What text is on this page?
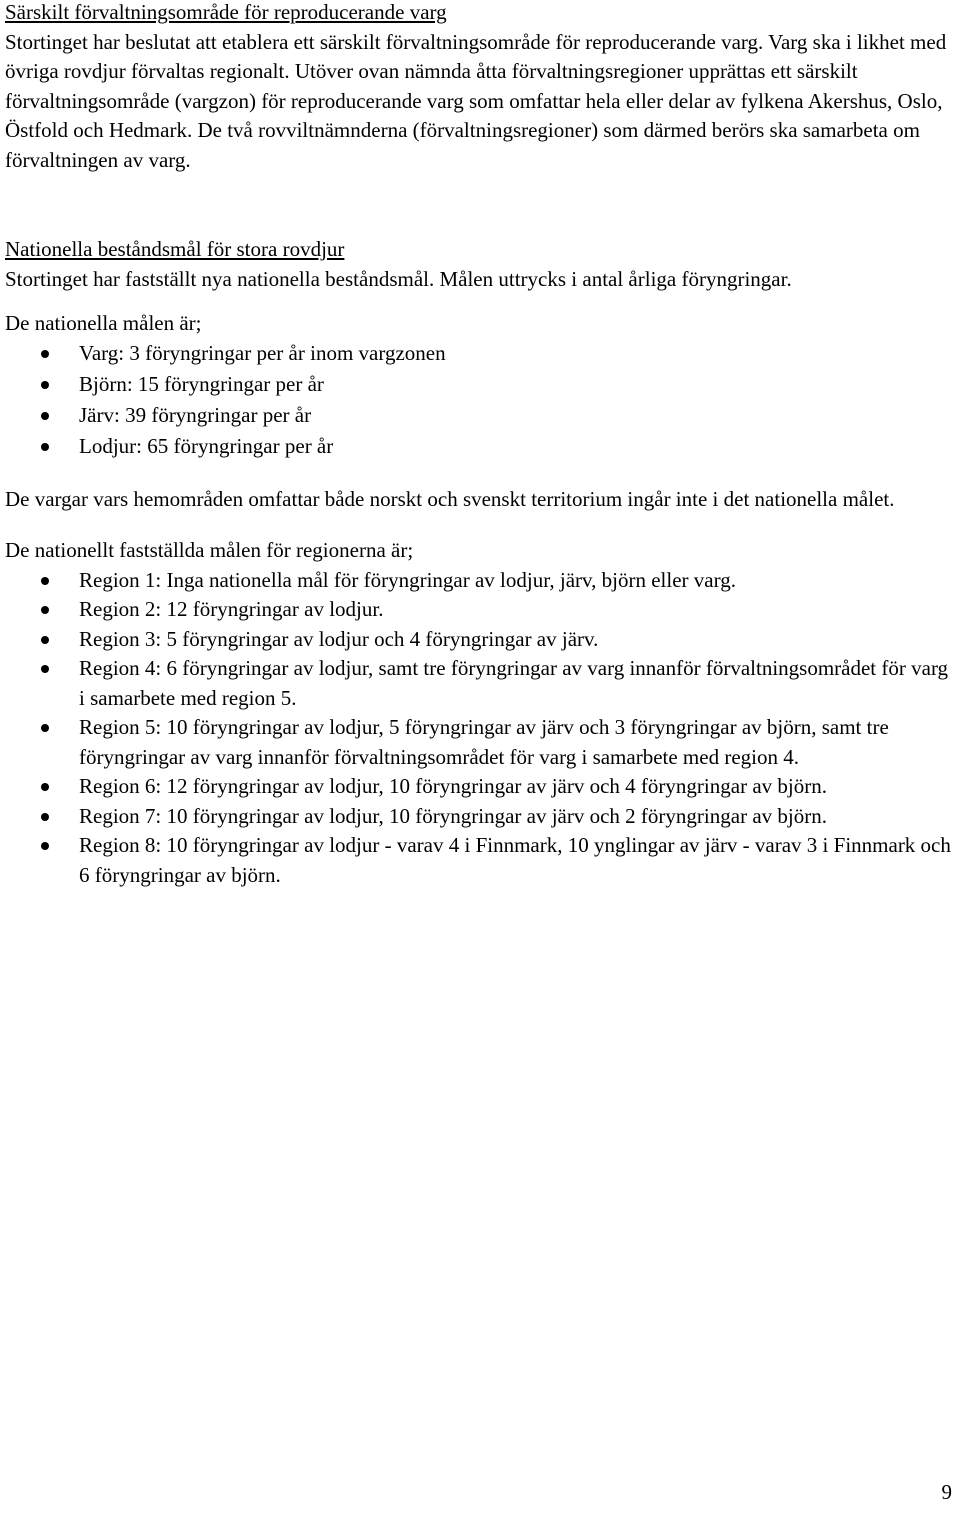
Särskilt förvaltningsområde för reproducerande varg

Stortinget har beslutat att etablera ett särskilt förvaltningsområde för reproducerande varg. Varg ska i likhet med övriga rovdjur förvaltas regionalt. Utöver ovan nämnda åtta förvaltningsregioner upprättas ett särskilt förvaltningsområde (vargzon) för reproducerande varg som omfattar hela eller delar av fylkena Akershus, Oslo, Östfold och Hedmark. De två rovviltnämnderna (förvaltningsregioner) som därmed berörs ska samarbeta om förvaltningen av varg.

Nationella beståndsmål för stora rovdjur

Stortinget har fastställt nya nationella beståndsmål. Målen uttrycks i antal årliga föryngringar.

De nationella målen är;

Varg: 3 föryngringar per år inom vargzonen
Björn: 15 föryngringar per år
Järv: 39 föryngringar per år
Lodjur: 65 föryngringar per år

De vargar vars hemområden omfattar både norskt och svenskt territorium ingår inte i det nationella målet.

De nationellt fastställda målen för regionerna är;

Region 1: Inga nationella mål för föryngringar av lodjur, järv, björn eller varg.
Region 2: 12 föryngringar av lodjur.
Region 3: 5 föryngringar av lodjur och 4 föryngringar av järv.
Region 4: 6 föryngringar av lodjur, samt tre föryngringar av varg innanför förvaltningsområdet för varg i samarbete med region 5.
Region 5: 10 föryngringar av lodjur, 5 föryngringar av järv och 3 föryngringar av björn, samt tre föryngringar av varg innanför förvaltningsområdet för varg i samarbete med region 4.
Region 6: 12 föryngringar av lodjur, 10 föryngringar av järv och 4 föryngringar av björn.
Region 7: 10 föryngringar av lodjur, 10 föryngringar av järv och 2 föryngringar av björn.
Region 8: 10 föryngringar av lodjur - varav 4 i Finnmark, 10 ynglingar av järv - varav 3 i Finnmark och 6 föryngringar av björn.
9
